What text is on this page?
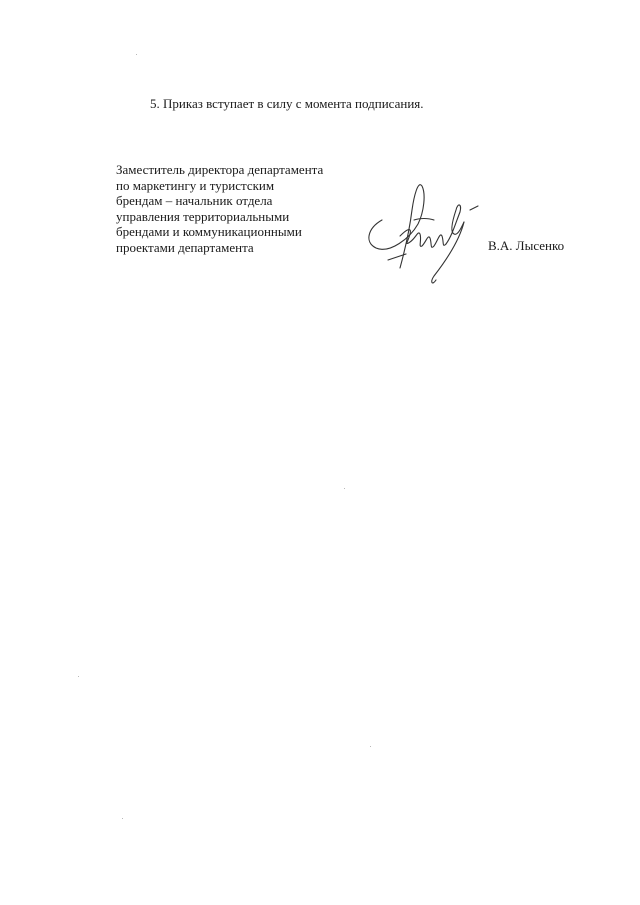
5. Приказ вступает в силу с момента подписания.
Заместитель директора департамента
по маркетингу и туристским
брендам – начальник отдела
управления территориальными
брендами и коммуникационными
проектами департамента	В.А. Лысенко
